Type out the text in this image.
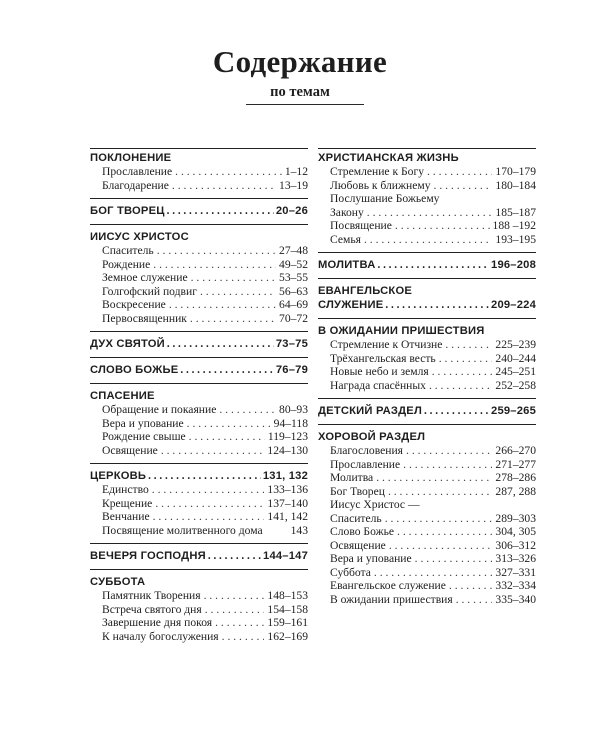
Содержание
по темам
ПОКЛОНЕНИЕ
Прославление . . .	1–12
Благодарение . . .	13–19
БОГ ТВОРЕЦ . . .	20–26
ИИСУС ХРИСТОС
Спаситель . . .	27–48
Рождение . . .	49–52
Земное служение . . .	53–55
Голгофский подвиг . . .	56–63
Воскресение . . .	64–69
Первосвященник . . .	70–72
ДУХ СВЯТОЙ . . .	73–75
СЛОВО БОЖЬЕ . . .	76–79
СПАСЕНИЕ
Обращение и покаяние . . .	80–93
Вера и упование . . .	94–118
Рождение свыше . . .	119–123
Освящение . . .	124–130
ЦЕРКОВЬ . . .	131, 132
Единство . . .	133–136
Крещение . . .	137–140
Венчание . . .	141, 142
Посвящение молитвенного дома 143
ВЕЧЕРЯ ГОСПОДНЯ . . .	144–147
СУББОТА
Памятник Творения . . .	148–153
Встреча святого дня . . .	154–158
Завершение дня покоя . . .	159–161
К началу богослужения . . .	162–169
ХРИСТИАНСКАЯ ЖИЗНЬ
Стремление к Богу . . .	170–179
Любовь к ближнему . . .	180–184
Послушание Божьему
Закону . . .	185–187
Посвящение . . .	188 –192
Семья . . .	193–195
МОЛИТВА . . .	196–208
ЕВАНГЕЛЬСКОЕ
СЛУЖЕНИЕ . . .	209–224
В ОЖИДАНИИ ПРИШЕСТВИЯ
Стремление к Отчизне . . .	225–239
Трёхангельская весть . . .	240–244
Новые небо и земля . . .	245–251
Награда спасённых . . .	252–258
ДЕТСКИЙ РАЗДЕЛ . . .	259–265
ХОРОВОЙ РАЗДЕЛ
Благословения . . .	266–270
Прославление . . .	271–277
Молитва . . .	278–286
Бог Творец . . .	287, 288
Иисус Христос —
Спаситель . . .	289–303
Слово Божье . . .	304, 305
Освящение . . .	306–312
Вера и упование . . .	313–326
Суббота . . .	327–331
Евангельское служение . . .	332–334
В ожидании пришествия . . .	335–340
